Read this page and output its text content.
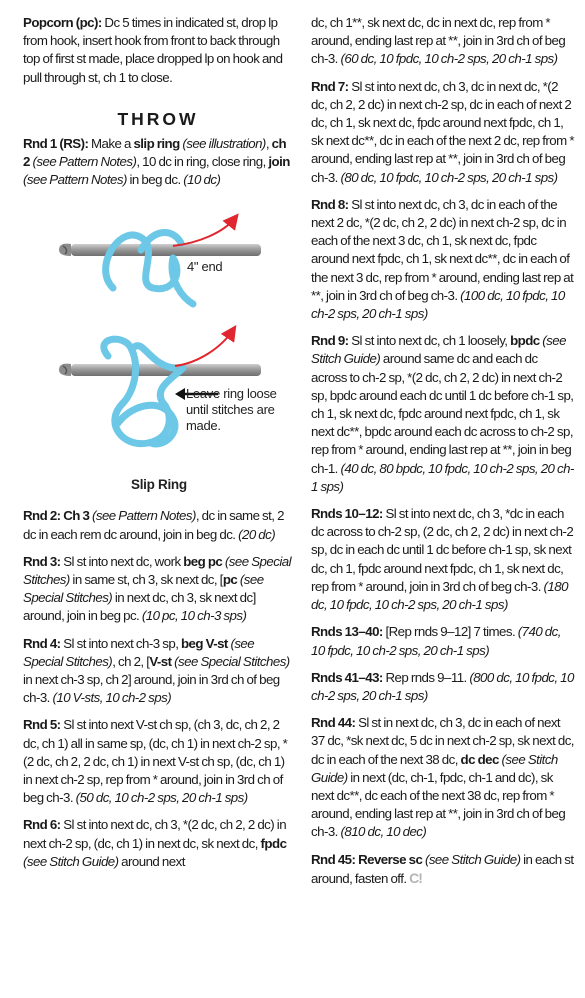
Popcorn (pc): Dc 5 times in indicated st, drop lp from hook, insert hook from front to back through top of first st made, place dropped lp on hook and pull through st, ch 1 to close.

THROW

Rnd 1 (RS): Make a slip ring (see illustration), ch 2 (see Pattern Notes), 10 dc in ring, close ring, join (see Pattern Notes) in beg dc. (10 dc)

4" end
Leave ring loose until stitches are made.
Slip Ring

Rnd 2: Ch 3 (see Pattern Notes), dc in same st, 2 dc in each rem dc around, join in beg dc. (20 dc)

Rnd 3: Sl st into next dc, work beg pc (see Special Stitches) in same st, ch 3, sk next dc, [pc (see Special Stitches) in next dc, ch 3, sk next dc] around, join in beg pc. (10 pc, 10 ch-3 sps)

Rnd 4: Sl st into next ch-3 sp, beg V-st (see Special Stitches), ch 2, [V-st (see Special Stitches) in next ch-3 sp, ch 2] around, join in 3rd ch of beg ch-3. (10 V-sts, 10 ch-2 sps)

Rnd 5: Sl st into next V-st ch sp, (ch 3, dc, ch 2, 2 dc, ch 1) all in same sp, (dc, ch 1) in next ch-2 sp, *(2 dc, ch 2, 2 dc, ch 1) in next V-st ch sp, (dc, ch 1) in next ch-2 sp, rep from * around, join in 3rd ch of beg ch-3. (50 dc, 10 ch-2 sps, 20 ch-1 sps)

Rnd 6: Sl st into next dc, ch 3, *(2 dc, ch 2, 2 dc) in next ch-2 sp, (dc, ch 1) in next dc, sk next dc, fpdc (see Stitch Guide) around next

dc, ch 1**, sk next dc, dc in next dc, rep from * around, ending last rep at **, join in 3rd ch of beg ch-3. (60 dc, 10 fpdc, 10 ch-2 sps, 20 ch-1 sps)

Rnd 7: Sl st into next dc, ch 3, dc in next dc, *(2 dc, ch 2, 2 dc) in next ch-2 sp, dc in each of next 2 dc, ch 1, sk next dc, fpdc around next fpdc, ch 1, sk next dc**, dc in each of the next 2 dc, rep from * around, ending last rep at **, join in 3rd ch of beg ch-3. (80 dc, 10 fpdc, 10 ch-2 sps, 20 ch-1 sps)

Rnd 8: Sl st into next dc, ch 3, dc in each of the next 2 dc, *(2 dc, ch 2, 2 dc) in next ch-2 sp, dc in each of the next 3 dc, ch 1, sk next dc, fpdc around next fpdc, ch 1, sk next dc**, dc in each of the next 3 dc, rep from * around, ending last rep at **, join in 3rd ch of beg ch-3. (100 dc, 10 fpdc, 10 ch-2 sps, 20 ch-1 sps)

Rnd 9: Sl st into next dc, ch 1 loosely, bpdc (see Stitch Guide) around same dc and each dc across to ch-2 sp, *(2 dc, ch 2, 2 dc) in next ch-2 sp, bpdc around each dc until 1 dc before ch-1 sp, ch 1, sk next dc, fpdc around next fpdc, ch 1, sk next dc**, bpdc around each dc across to ch-2 sp, rep from * around, ending last rep at **, join in beg ch-1. (40 dc, 80 bpdc, 10 fpdc, 10 ch-2 sps, 20 ch-1 sps)

Rnds 10–12: Sl st into next dc, ch 3, *dc in each dc across to ch-2 sp, (2 dc, ch 2, 2 dc) in next ch-2 sp, dc in each dc until 1 dc before ch-1 sp, sk next dc, ch 1, fpdc around next fpdc, ch 1, sk next dc, rep from * around, join in 3rd ch of beg ch-3. (180 dc, 10 fpdc, 10 ch-2 sps, 20 ch-1 sps)

Rnds 13–40: [Rep rnds 9–12] 7 times. (740 dc, 10 fpdc, 10 ch-2 sps, 20 ch-1 sps)

Rnds 41–43: Rep rnds 9–11. (800 dc, 10 fpdc, 10 ch-2 sps, 20 ch-1 sps)

Rnd 44: Sl st in next dc, ch 3, dc in each of next 37 dc, *sk next dc, 5 dc in next ch-2 sp, sk next dc, dc in each of the next 38 dc, dc dec (see Stitch Guide) in next (dc, ch-1, fpdc, ch-1 and dc), sk next dc**, dc each of the next 38 dc, rep from * around, ending last rep at **, join in 3rd ch of beg ch-3. (810 dc, 10 dec)

Rnd 45: Reverse sc (see Stitch Guide) in each st around, fasten off. C!
